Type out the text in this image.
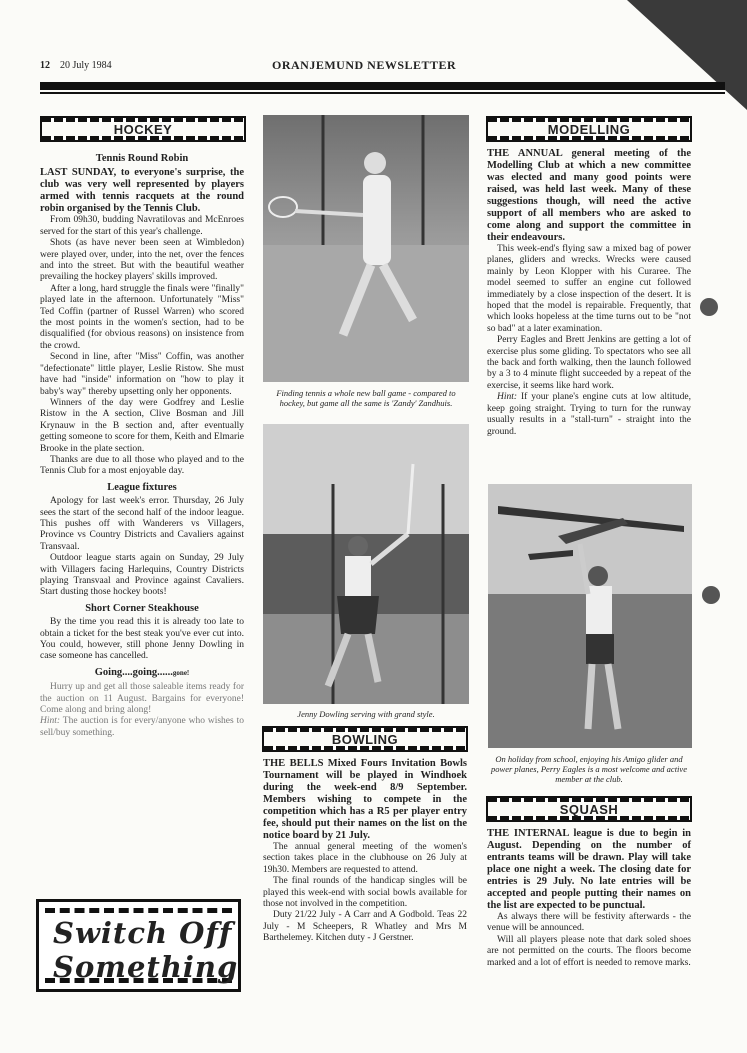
12 20 July 1984	ORANJEMUND NEWSLETTER
HOCKEY
Tennis Round Robin

LAST SUNDAY, to everyone's surprise, the club was very well represented by players armed with tennis racquets at the round robin organised by the Tennis Club.

From 09h30, budding Navratilovas and McEnroes served for the start of this year's challenge.

Shots (as have never been seen at Wimbledon) were played over, under, into the net, over the fences and into the street. But with the beautiful weather prevailing the hockey players' skills improved.

After a long, hard struggle the finals were "finally" played late in the afternoon. Unfortunately "Miss" Ted Coffin (partner of Russel Warren) who scored the most points in the women's section, had to be disqualified (for obvious reasons) on insistence from the crowd.

Second in line, after "Miss" Coffin, was another "defectionate" little player, Leslie Ristow. She must have had "inside" information on "how to play it baby's way" thereby upsetting only her opponents.

Winners of the day were Godfrey and Leslie Ristow in the A section, Clive Bosman and Jill Krynauw in the B section and, after eventually getting someone to score for them, Keith and Elmarie Brooke in the plate section.

Thanks are due to all those who played and to the Tennis Club for a most enjoyable day.

League fixtures

Apology for last week's error. Thursday, 26 July sees the start of the second half of the indoor league. This pushes off with Wanderers vs Villagers, Province vs Country Districts and Cavaliers against Transvaal.

Outdoor league starts again on Sunday, 29 July with Villagers facing Harlequins, Country Districts playing Transvaal and Province against Cavaliers. Start dusting those hockey boots!

Short Corner Steakhouse

By the time you read this it is already too late to obtain a ticket for the best steak you've ever cut into. You could, however, still phone Jenny Dowling in case someone has cancelled.

Going....going......gone!

Hurry up and get all those saleable items ready for the auction on 11 August. Bargains for everyone! Come along and bring along!

Hint: The auction is for every/anyone who wishes to sell/buy something.

Switch Off
Something
Finding tennis a whole new ball game - compared to hockey, but game all the same is 'Zandy' Zandhuis.
Jenny Dowling serving with grand style.
BOWLING

THE BELLS Mixed Fours Invitation Bowls Tournament will be played in Windhoek during the week-end 8/9 September. Members wishing to compete in the competition which has a R5 per player entry fee, should put their names on the list on the notice board by 21 July.

The annual general meeting of the women's section takes place in the clubhouse on 26 July at 19h30. Members are requested to attend.

The final rounds of the handicap singles will be played this week-end with social bowls available for those not involved in the competition.

Duty 21/22 July - A Carr and A Godbold. Teas 22 July - M Scheepers, R Whatley and Mrs M Barthelemey. Kitchen duty - J Gerstner.

MODELLING

THE ANNUAL general meeting of the Modelling Club at which a new committee was elected and many good points were raised, was held last week. Many of these suggestions though, will need the active support of all members who are asked to come along and support the committee in their endeavours.

This week-end's flying saw a mixed bag of power planes, gliders and wrecks. Wrecks were caused mainly by Leon Klopper with his Curaree. The model seemed to suffer an engine cut followed immediately by a close inspection of the desert. It is hoped that the model is repairable. Frequently, that which looks hopeless at the time turns out to be "not so bad" at a later examination.

Perry Eagles and Brett Jenkins are getting a lot of exercise plus some gliding. To spectators who see all the back and forth walking, then the launch followed by a 3 to 4 minute flight succeeded by a repeat of the exercise, it seems like hard work.

Hint: If your plane's engine cuts at low altitude, keep going straight. Trying to turn for the runway usually results in a "stall-turn" - straight into the ground.

On holiday from school, enjoying his Amigo glider and power planes, Perry Eagles is a most welcome and active member at the club.
SQUASH

THE INTERNAL league is due to begin in August. Depending on the number of entrants teams will be drawn. Play will take place one night a week. The closing date for entries is 29 July. No late entries will be accepted and people putting their names on the list are expected to be punctual.

As always there will be festivity afterwards - the venue will be announced.

Will all players please note that dark soled shoes are not permitted on the courts. The floors become marked and a lot of effort is needed to remove marks.
